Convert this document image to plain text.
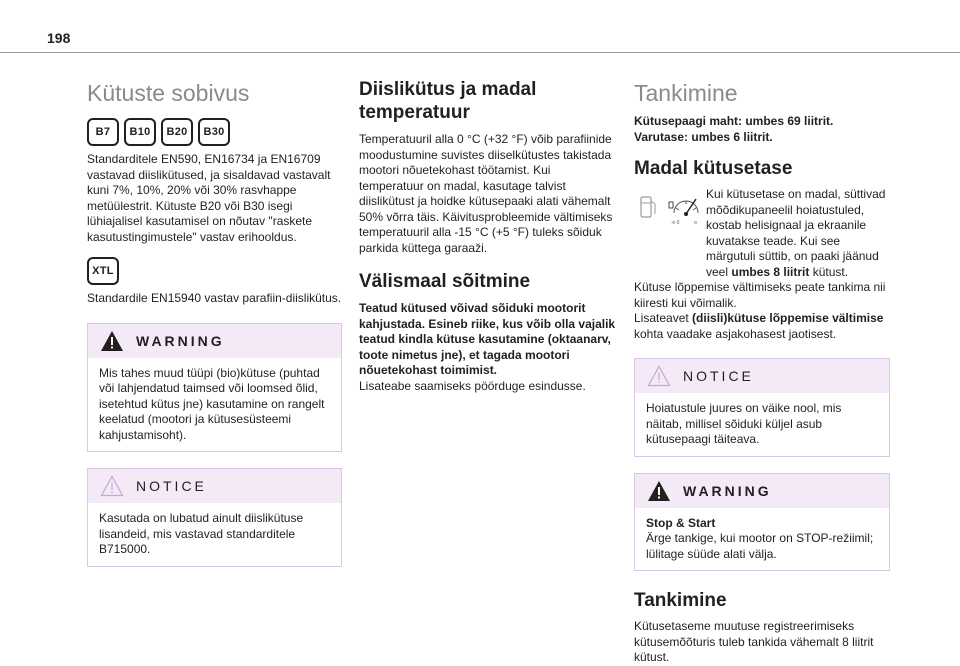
198
Kütuste sobivus
B7	B10	B20	B30

Standarditele EN590, EN16734 ja EN16709 vastavad diislikütused, ja sisaldavad vastavalt kuni 7%, 10%, 20% või 30% rasvhappe metüülestrit. Kütuste B20 või B30 isegi lühiajalisel kasutamisel on nõutav "raskete kasutustingimustele" vastav erihooldus.

XTL

Standardile EN15940 vastav parafiin-diislikütus.

WARNING
Mis tahes muud tüüpi (bio)kütuse (puhtad või lahjendatud taimsed või loomsed õlid, isetehtud kütus jne) kasutamine on rangelt keelatud (mootori ja kütusesüsteemi kahjustamisoht).
NOTICE
Kasutada on lubatud ainult diislikütuse lisandeid, mis vastavad standarditele B715000.
Diislikütus ja madal temperatuur

Temperatuuril alla 0 °C (+32 °F) võib parafiinide moodustumine suvistes diiselkütustes takistada mootori nõuetekohast töötamist. Kui temperatuur on madal, kasutage talvist diislikütust ja hoidke kütusepaaki alati vähemalt 50% võrra täis. Käivitusprobleemide vältimiseks temperatuuril alla -15 °C (+5 °F) tuleks sõiduk parkida küttega garaaži.

Välismaal sõitmine

Teatud kütused võivad sõiduki mootorit kahjustada. Esineb riike, kus võib olla vajalik teatud kindla kütuse kasutamine (oktaanarv, toote nimetus jne), et tagada mootori nõuetekohast toimimist.

Lisateabe saamiseks pöörduge esindusse.

Tankimine

Kütusepaagi maht: umbes 69 liitrit. Varutase: umbes 6 liitrit.

Madal kütusetase
⊲ 0	o

Kui kütusetase on madal, süttivad mõõdikupaneelil hoiatustuled, kostab helisignaal ja ekraanile kuvatakse teade. Kui see märgutuli süttib, on paaki jäänud veel umbes 8 liitrit kütust.

Kütuse lõppemise vältimiseks peate tankima nii kiiresti kui võimalik.

Lisateavet (diisli)kütuse lõppemise vältimise kohta vaadake asjakohasest jaotisest.

NOTICE
Hoiatustule juures on väike nool, mis näitab, millisel sõiduki küljel asub kütusepaagi täiteava.
WARNING
Stop & Start
Ärge tankige, kui mootor on STOP-režiimil; lülitage süüde alati välja.
Tankimine

Kütusetaseme muutuse registreerimiseks kütusemõõturis tuleb tankida vähemalt 8 liitrit kütust.
